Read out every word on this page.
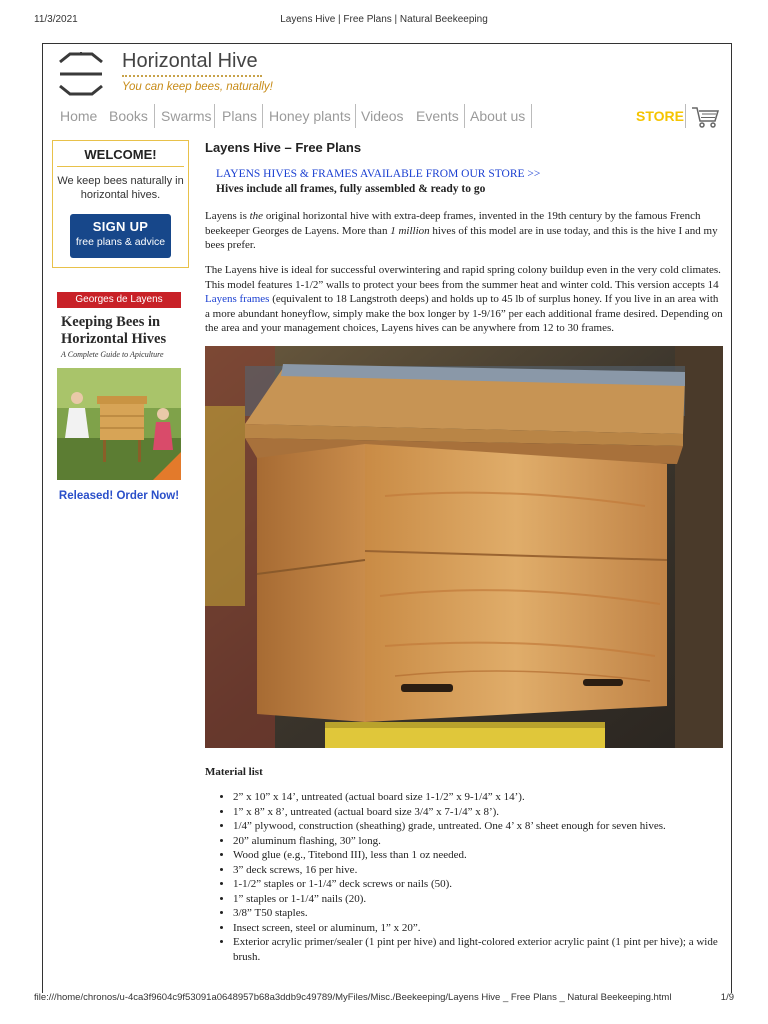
11/3/2021	Layens Hive | Free Plans | Natural Beekeeping
Horizontal Hive
You can keep bees, naturally!
Home Books Swarms Plans Honey plants Videos Events About us	STORE
WELCOME!
We keep bees naturally in horizontal hives.
SIGN UP
free plans & advice
Georges de Layens
Keeping Bees in Horizontal Hives
A Complete Guide to Apiculture
Released! Order Now!
Layens Hive – Free Plans
LAYENS HIVES & FRAMES AVAILABLE FROM OUR STORE >>
Hives include all frames, fully assembled & ready to go
Layens is the original horizontal hive with extra-deep frames, invented in the 19th century by the famous French beekeeper Georges de Layens. More than 1 million hives of this model are in use today, and this is the hive I and my bees prefer.
The Layens hive is ideal for successful overwintering and rapid spring colony buildup even in the very cold climates. This model features 1-1/2” walls to protect your bees from the summer heat and winter cold. This version accepts 14 Layens frames (equivalent to 18 Langstroth deeps) and holds up to 45 lb of surplus honey. If you live in an area with a more abundant honeyflow, simply make the box longer by 1-9/16” per each additional frame desired. Depending on the area and your management choices, Layens hives can be anywhere from 12 to 30 frames.
Material list
• 2” x 10” x 14’, untreated (actual board size 1-1/2” x 9-1/4” x 14’).
• 1” x 8” x 8’, untreated (actual board size 3/4” x 7-1/4” x 8’).
• 1/4” plywood, construction (sheathing) grade, untreated. One 4’ x 8’ sheet enough for seven hives.
• 20” aluminum flashing, 30” long.
• Wood glue (e.g., Titebond III), less than 1 oz needed.
• 3” deck screws, 16 per hive.
• 1-1/2” staples or 1-1/4” deck screws or nails (50).
• 1” staples or 1-1/4” nails (20).
• 3/8” T50 staples.
• Insect screen, steel or aluminum, 1” x 20”.
• Exterior acrylic primer/sealer (1 pint per hive) and light-colored exterior acrylic paint (1 pint per hive); a wide brush.
file:///home/chronos/u-4ca3f9604c9f53091a0648957b68a3ddb9c49789/MyFiles/Misc./Beekeeping/Layens Hive _ Free Plans _ Natural Beekeeping.html	1/9
